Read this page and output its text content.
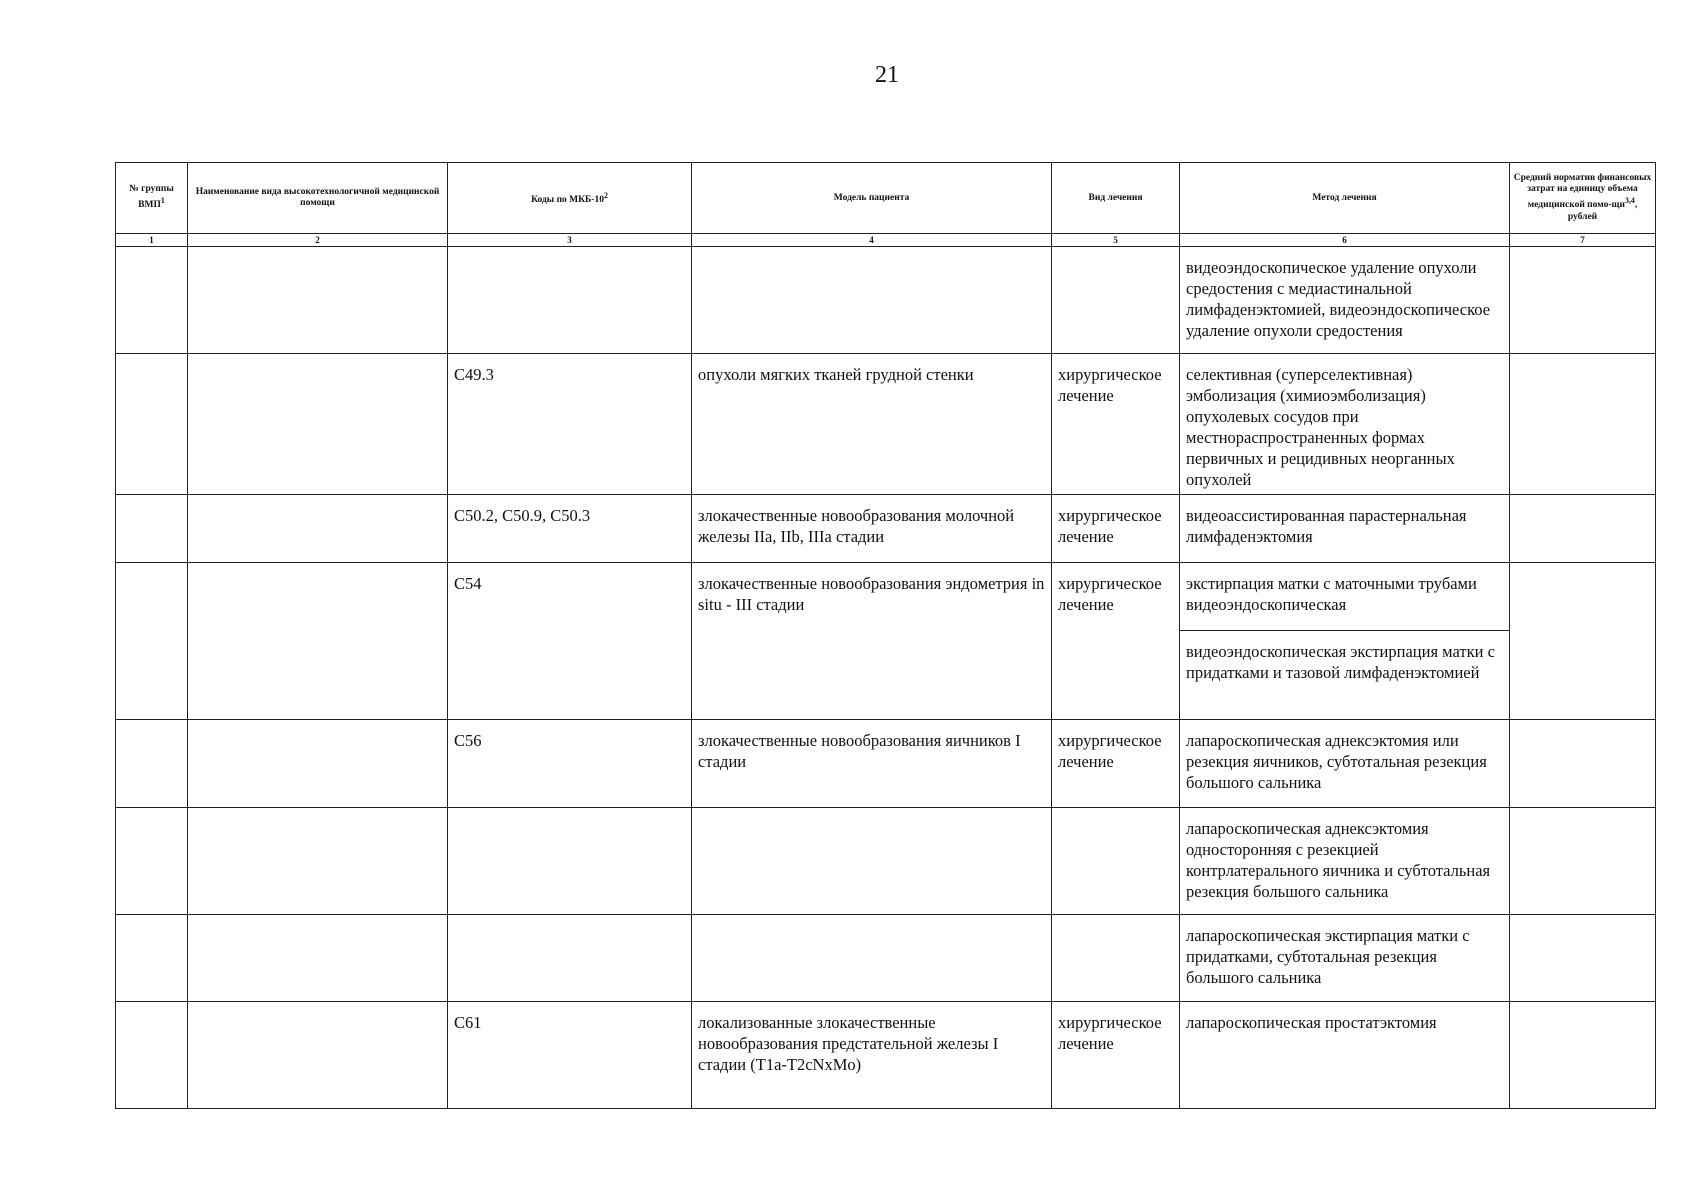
21
№ группы ВМП$^1$	Наименование вида высокотехнологичной медицинской помощи	Коды по МКБ-$10^2$	Модель пациента	Вид лечения	Метод лечения	Средний норматив финансовых затрат на единицу объема медицинской помо-щи$^{3,4}$, рублей
1	2	3	4	5	6	7
					видеоэндоскопическое удаление опухоли средостения с медиастинальной лимфаденэктомией, видеоэндоскопическое удаление опухоли средостения	
		C49.3	опухоли мягких тканей грудной стенки	хирургическое лечение	селективная (суперселективная) эмболизация (химиоэмболизация) опухолевых сосудов при местнораспространенных формах первичных и рецидивных неорганных опухолей	
		C50.2, C50.9, C50.3	злокачественные новообразования молочной железы IIa, IIb, IIIa стадии	хирургическое лечение	видеоассистированная парастернальная лимфаденэктомия	
		C54	злокачественные новообразования эндометрия in situ - III стадии	хирургическое лечение	экстирпация матки с маточными трубами видеоэндоскопическая	
					видеоэндоскопическая экстирпация матки с придатками и тазовой лимфаденэктомией	
		C56	злокачественные новообразования яичников I стадии	хирургическое лечение	лапароскопическая аднексэктомия или резекция яичников, субтотальная резекция большого сальника	
					лапароскопическая аднексэктомия односторонняя с резекцией контрлатерального яичника и субтотальная резекция большого сальника	
					лапароскопическая экстирпация матки с придатками, субтотальная резекция большого сальника	
		C61	локализованные злокачественные новообразования предстательной железы I стадии (T1a-T2cNxMo)	хирургическое лечение	лапароскопическая простатэктомия	
